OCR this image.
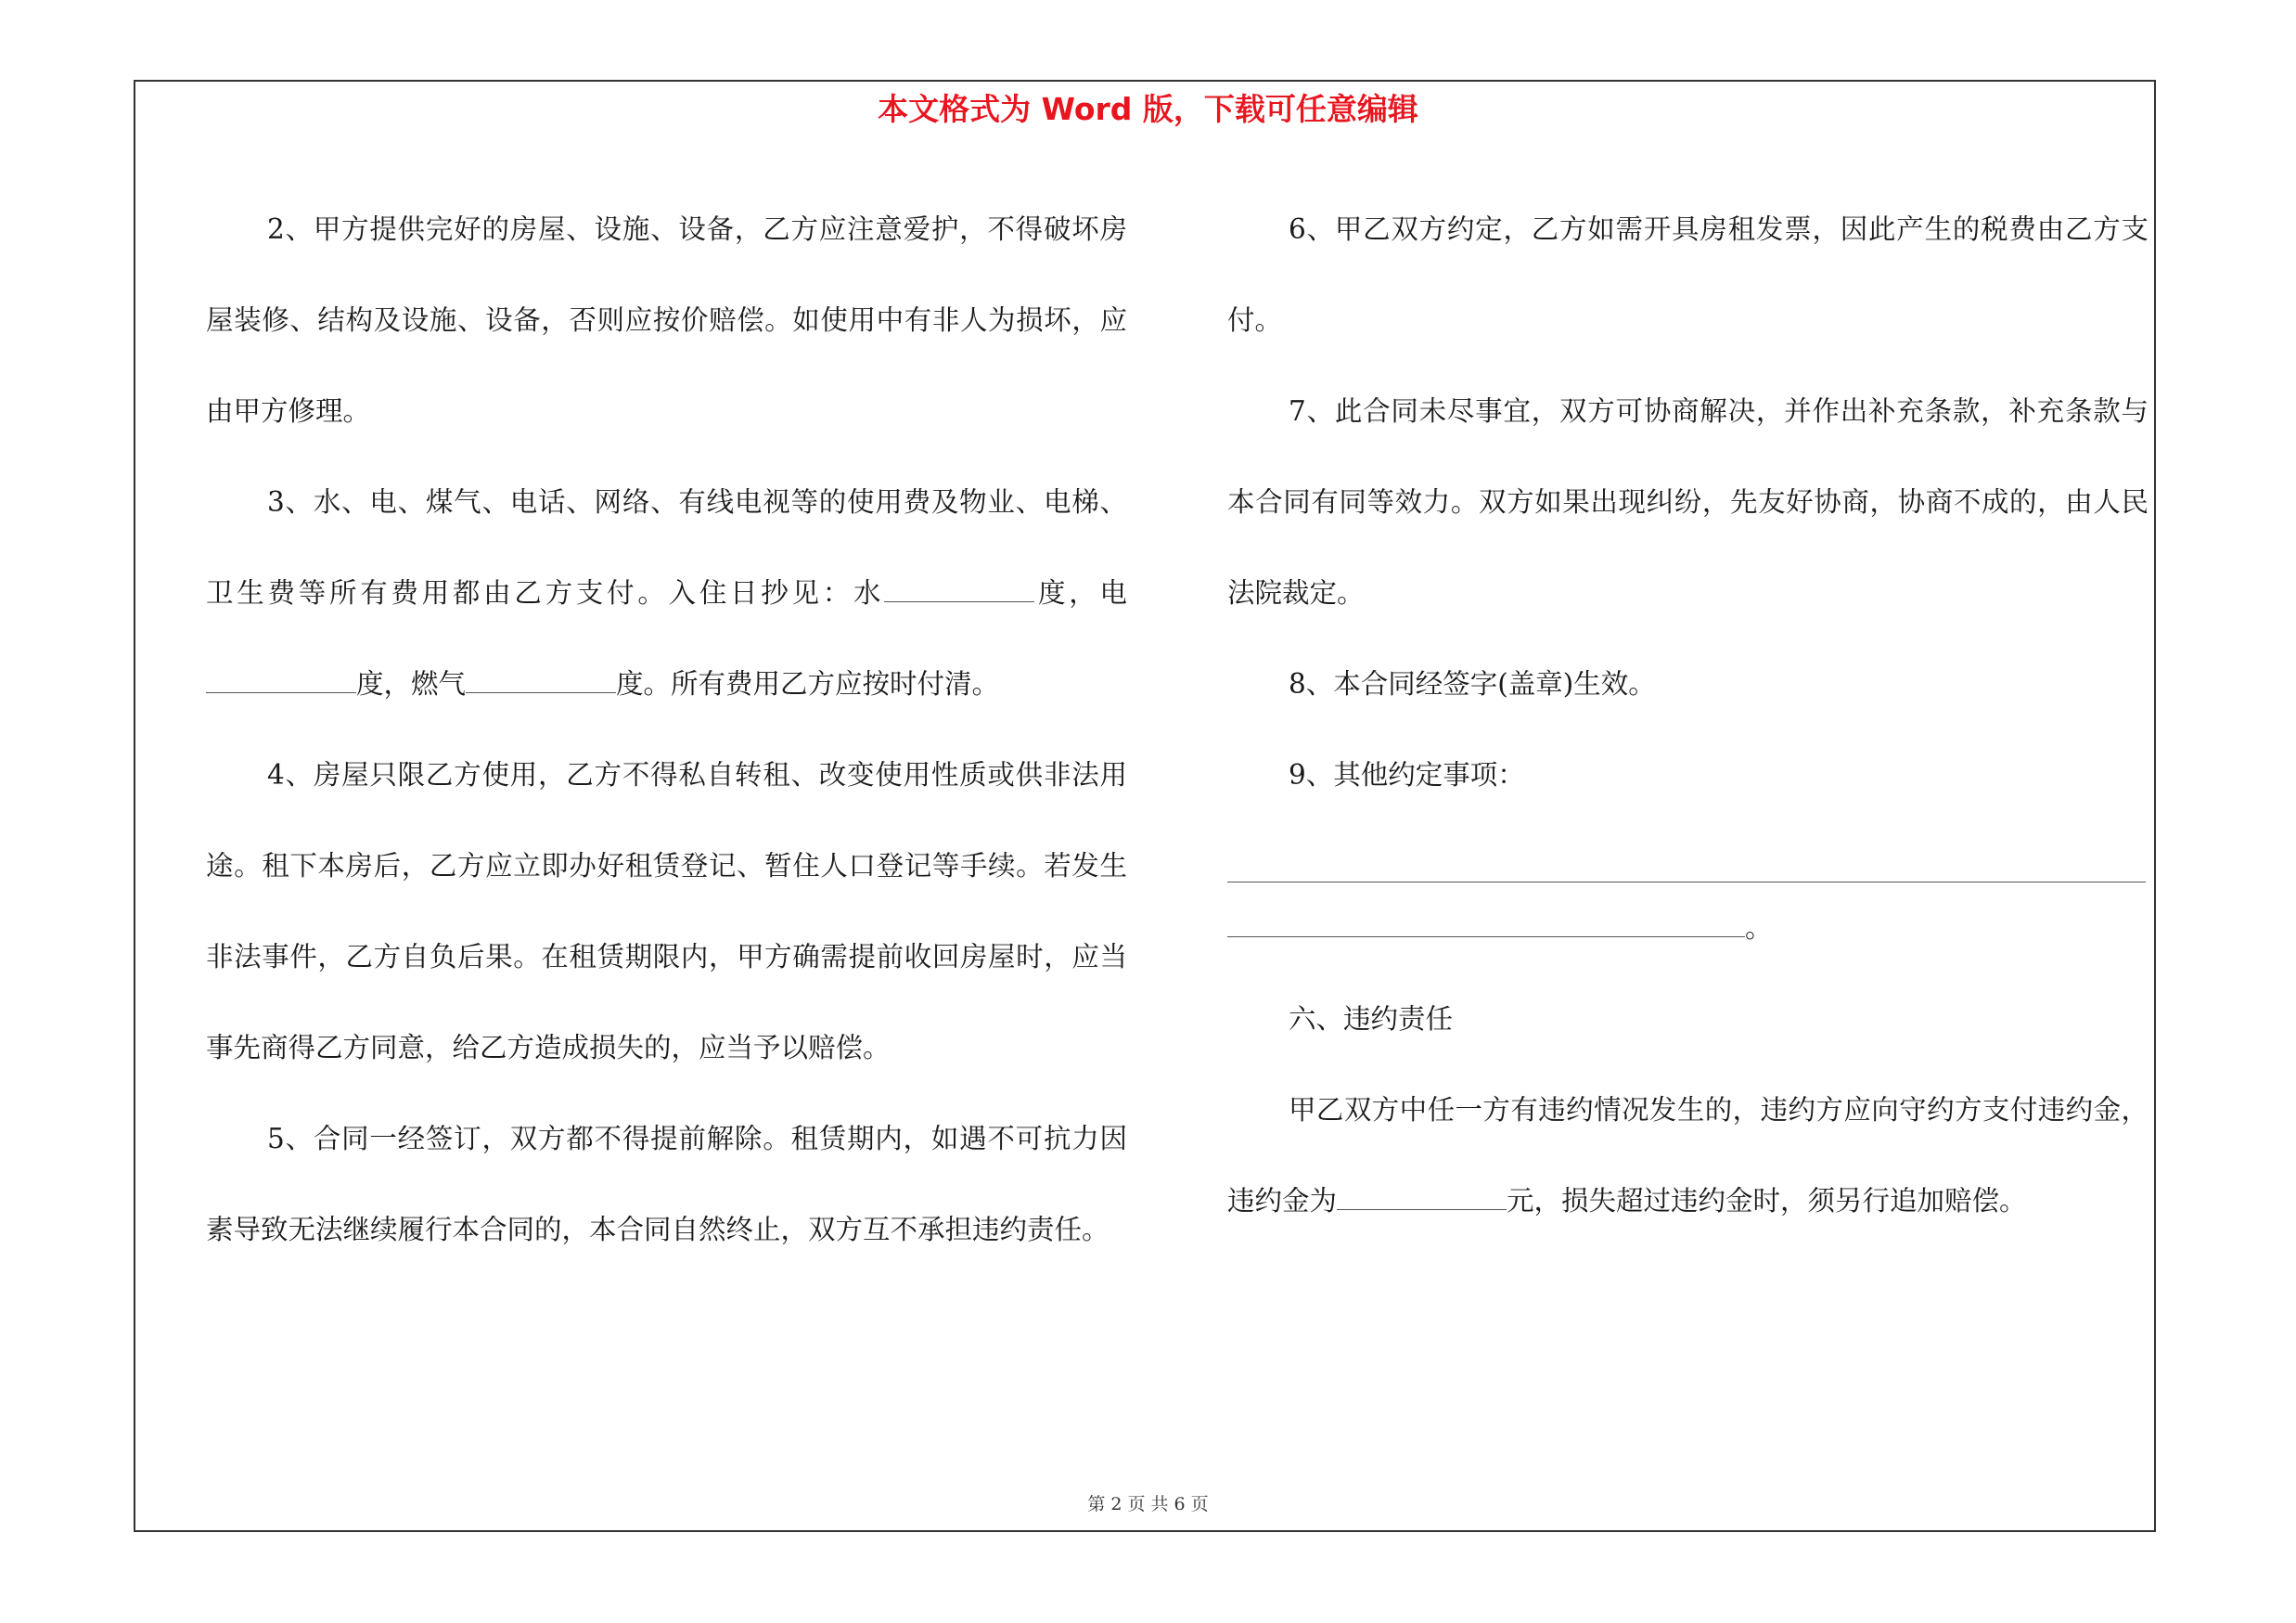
本文格式为 Word 版，下载可任意编辑

2、甲方提供完好的房屋、设施、设备，乙方应注意爱护，不得破坏房屋装修、结构及设施、设备，否则应按价赔偿。如使用中有非人为损坏，应由甲方修理。

3、水、电、煤气、电话、网络、有线电视等的使用费及物业、电梯、卫生费等所有费用都由乙方支付。入住日抄见：水	度，电度，燃气	度。所有费用乙方应按时付清。

4、房屋只限乙方使用，乙方不得私自转租、改变使用性质或供非法用途。租下本房后，乙方应立即办好租赁登记、暂住人口登记等手续。若发生非法事件，乙方自负后果。在租赁期限内，甲方确需提前收回房屋时，应当事先商得乙方同意，给乙方造成损失的，应当予以赔偿。

5、合同一经签订，双方都不得提前解除。租赁期内，如遇不可抗力因素导致无法继续履行本合同的，本合同自然终止，双方互不承担违约责任。

6、甲乙双方约定，乙方如需开具房租发票，因此产生的税费由乙方支付。

7、此合同未尽事宜，双方可协商解决，并作出补充条款，补充条款与本合同有同等效力。双方如果出现纠纷，先友好协商，协商不成的，由人民法院裁定。

8、本合同经签字(盖章)生效。

9、其他约定事项：

。

六、违约责任

甲乙双方中任一方有违约情况发生的，违约方应向守约方支付违约金，违约金为	元，损失超过违约金时，须另行追加赔偿。

第 2 页 共 6 页
